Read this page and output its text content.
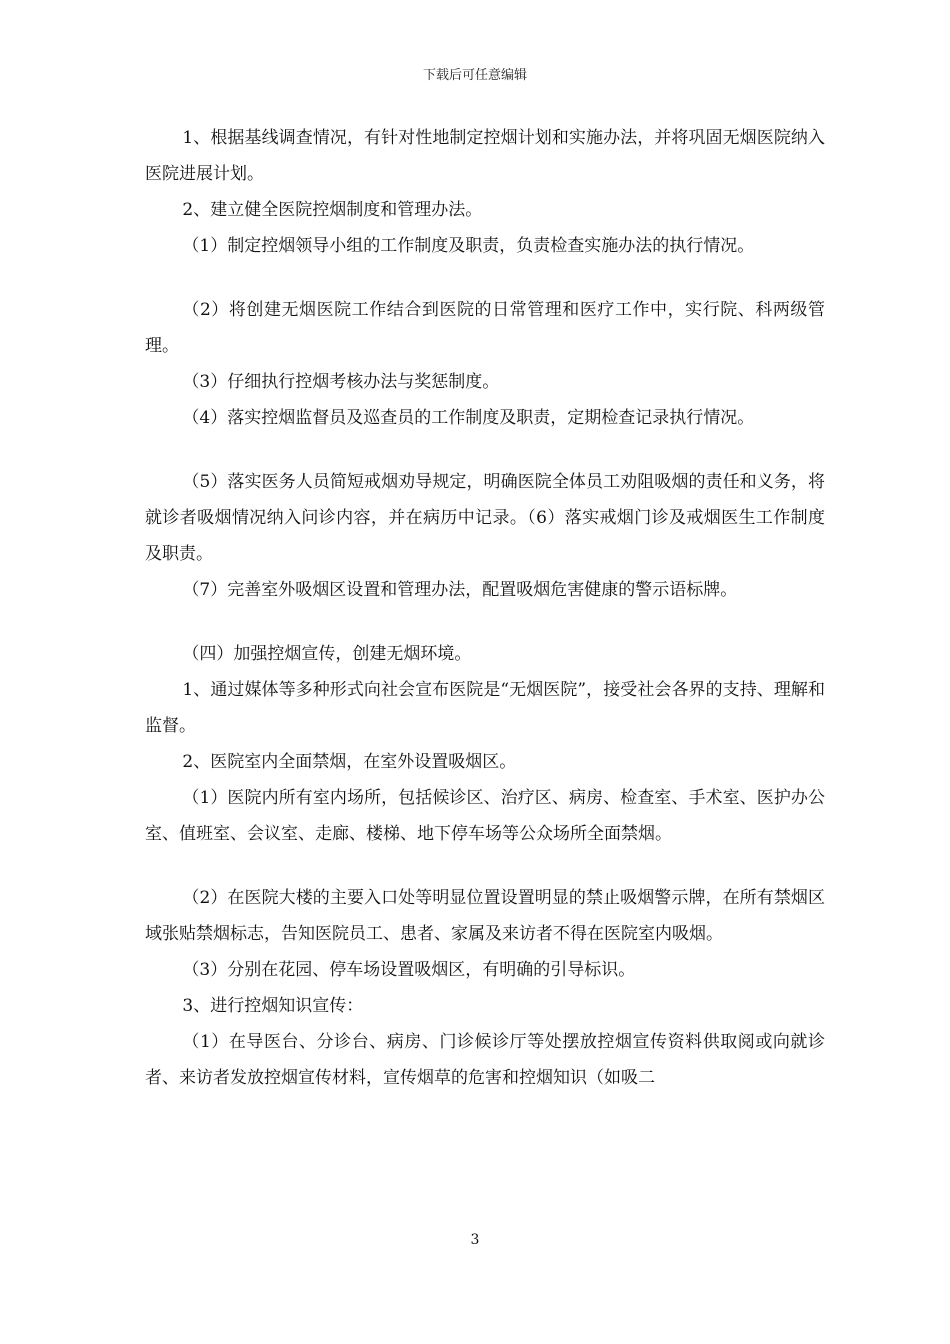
下载后可任意编辑

1、根据基线调查情况，有针对性地制定控烟计划和实施办法，并将巩固无烟医院纳入医院进展计划。

2、建立健全医院控烟制度和管理办法。

（1）制定控烟领导小组的工作制度及职责，负责检查实施办法的执行情况。

（2）将创建无烟医院工作结合到医院的日常管理和医疗工作中，实行院、科两级管理。

（3）仔细执行控烟考核办法与奖惩制度。

（4）落实控烟监督员及巡查员的工作制度及职责，定期检查记录执行情况。

（5）落实医务人员简短戒烟劝导规定，明确医院全体员工劝阻吸烟的责任和义务，将就诊者吸烟情况纳入问诊内容，并在病历中记录。（6）落实戒烟门诊及戒烟医生工作制度及职责。

（7）完善室外吸烟区设置和管理办法，配置吸烟危害健康的警示语标牌。

（四）加强控烟宣传，创建无烟环境。

1、通过媒体等多种形式向社会宣布医院是“无烟医院”，接受社会各界的支持、理解和监督。

2、医院室内全面禁烟，在室外设置吸烟区。

（1）医院内所有室内场所，包括候诊区、治疗区、病房、检查室、手术室、医护办公室、值班室、会议室、走廊、楼梯、地下停车场等公众场所全面禁烟。

（2）在医院大楼的主要入口处等明显位置设置明显的禁止吸烟警示牌，在所有禁烟区域张贴禁烟标志，告知医院员工、患者、家属及来访者不得在医院室内吸烟。

（3）分别在花园、停车场设置吸烟区，有明确的引导标识。

3、进行控烟知识宣传：

（1）在导医台、分诊台、病房、门诊候诊厅等处摆放控烟宣传资料供取阅或向就诊者、来访者发放控烟宣传材料，宣传烟草的危害和控烟知识（如吸二

3
